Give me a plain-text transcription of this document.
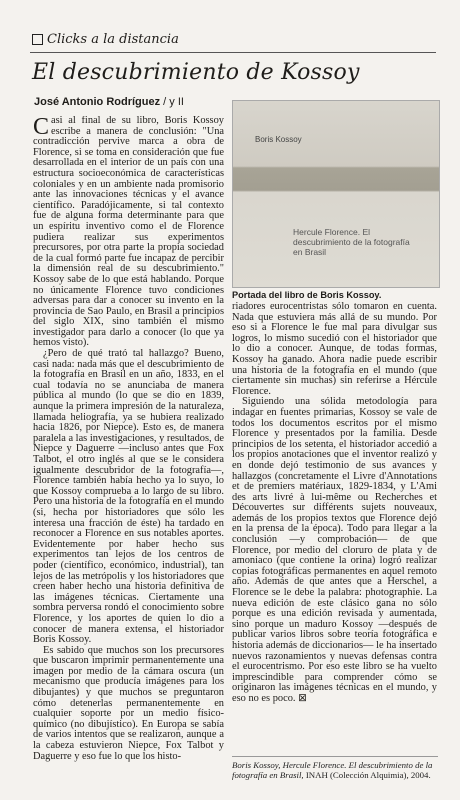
Clicks a la distancia
El descubrimiento de Kossoy
José Antonio Rodríguez / y II

Casi al final de su libro, Boris Kossoy escribe a manera de conclusión: "Una contradicción pervive marca a obra de Florence, si se toma en consideración que fue desarrollada en el interior de un país con una estructura socioeconómica de características coloniales y en un ambiente nada promisorio ante las innovaciones técnicas y el avance científico. Paradójicamente, si tal contexto fue de alguna forma determinante para que un espíritu inventivo como el de Florence pudiera realizar sus experimentos precursores, por otra parte la propia sociedad de la cual formó parte fue incapaz de percibir la dimensión real de su descubrimiento." Kossoy sabe de lo que está hablando. Porque no únicamente Florence tuvo condiciones adversas para dar a conocer su invento en la provincia de Sao Paulo, en Brasil a principios del siglo XIX, sino también el mismo investigador para darlo a conocer (lo que ya hemos visto).

¿Pero de qué trató tal hallazgo? Bueno, casi nada: nada más que el descubrimiento de la fotografía en Brasil en un año, 1833, en el cual todavía no se anunciaba de manera pública al mundo (lo que se dio en 1839, aunque la primera impresión de la naturaleza, llamada heliografía, ya se hubiera realizado hacia 1826, por Niepce). Esto es, de manera paralela a las investigaciones, y resultados, de Niepce y Daguerre —incluso antes que Fox Talbot, el otro inglés al que se le considera igualmente descubridor de la fotografía—, Florence también había hecho ya lo suyo, lo que Kossoy comprueba a lo largo de su libro. Pero una historia de la fotografía en el mundo (si, hecha por historiadores que sólo les interesa una fracción de éste) ha tardado en reconocer a Florence en sus notables aportes. Evidentemente por haber hecho sus experimentos tan lejos de los centros de poder (científico, económico, industrial), tan lejos de las metrópolis y los historiadores que creen haber hecho una historia definitiva de las imágenes técnicas. Ciertamente una sombra perversa rondó el conocimiento sobre Florence, y los aportes de quien lo dio a conocer de manera extensa, el historiador Boris Kossoy.

Es sabido que muchos son los precursores que buscaron imprimir permanentemente una imagen por medio de la cámara oscura (un mecanismo que producía imágenes para los dibujantes) y que muchos se preguntaron cómo detenerlas permanentemente en cualquier soporte por un medio físico-químico (no dibujístico). En Europa se sabía de varios intentos que se realizaron, aunque a la cabeza estuvieron Niepce, Fox Talbot y Daguerre y eso fue lo que los histo-

Boris Kossoy
Hercule Florence. El descubrimiento de la fotografía en Brasil
Portada del libro de Boris Kossoy.

riadores eurocentristas sólo tomaron en cuenta. Nada que estuviera más allá de su mundo. Por eso si a Florence le fue mal para divulgar sus logros, lo mismo sucedió con el historiador que lo dio a conocer. Aunque, de todas formas, Kossoy ha ganado. Ahora nadie puede escribir una historia de la fotografía en el mundo (que ciertamente sin muchas) sin referirse a Hércule Florence.

Siguiendo una sólida metodología para indagar en fuentes primarias, Kossoy se vale de todos los documentos escritos por el mismo Florence y presentados por la familia. Desde principios de los setenta, el historiador accedió a los propios anotaciones que el inventor realizó y en donde dejó testimonio de sus avances y hallazgos (concretamente el Livre d'Annotations et de premiers matériaux, 1829-1834, y L'Ami des arts livré à lui-même ou Recherches et Découvertes sur différents sujets nouveaux, además de los propios textos que Florence dejó en la prensa de la época). Todo para llegar a la conclusión —y comprobación— de que Florence, por medio del cloruro de plata y de amoniaco (que contiene la orina) logró realizar copias fotográficas permanentes en aquel remoto año. Además de que antes que a Herschel, a Florence se le debe la palabra: photographie. La nueva edición de este clásico gana no sólo porque es una edición revisada y aumentada, sino porque un maduro Kossoy —después de publicar varios libros sobre teoría fotográfica e historia además de diccionarios— le ha insertado nuevos razonamientos y nuevas defensas contra el eurocentrismo. Por eso este libro se ha vuelto imprescindible para comprender cómo se originaron las imágenes técnicas en el mundo, y eso no es poco. ⊠

Boris Kossoy, Hercule Florence. El descubrimiento de la fotografía en Brasil, INAH (Colección Alquimia), 2004.
